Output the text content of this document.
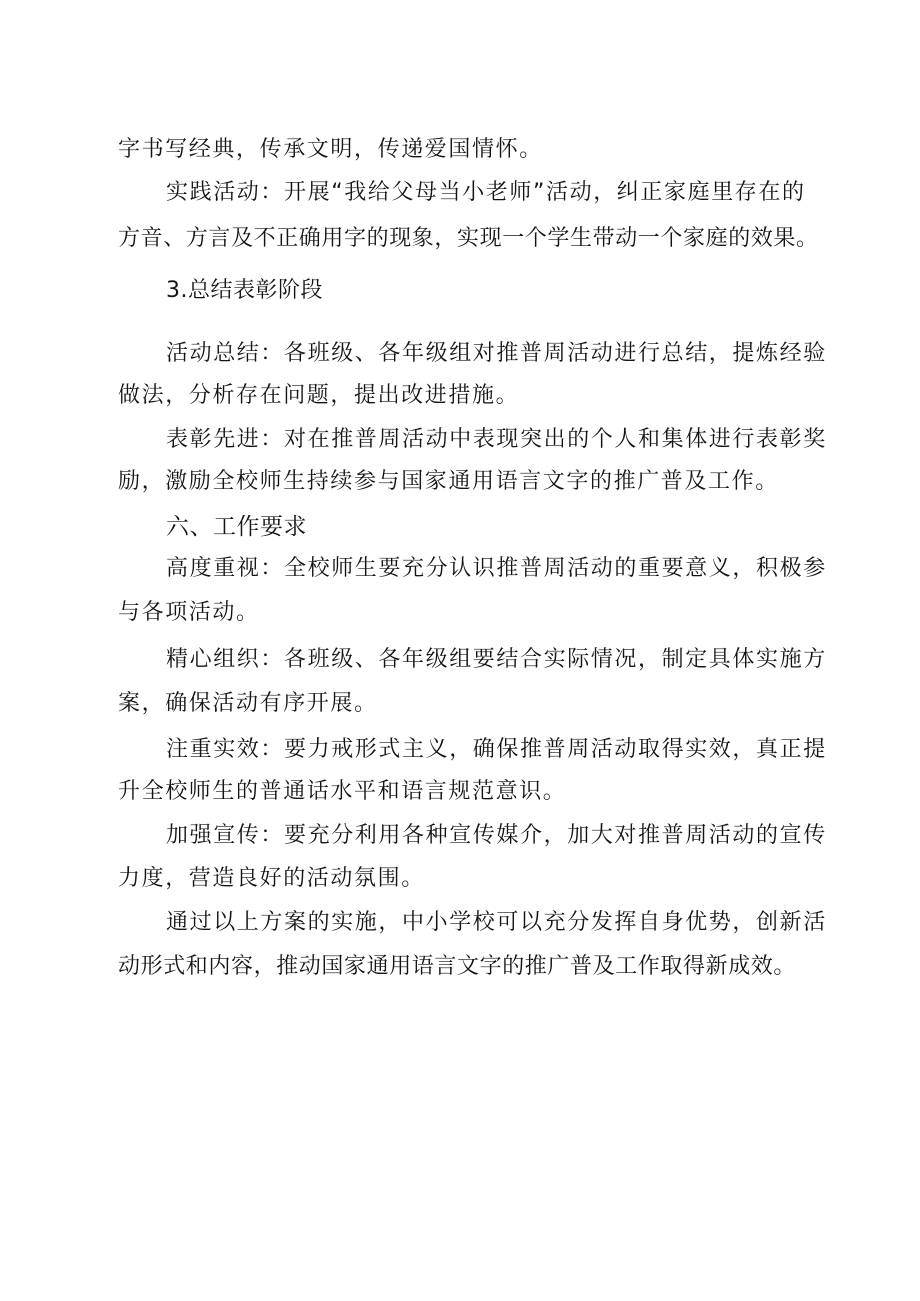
字书写经典，传承文明，传递爱国情怀。

实践活动：开展“我给父母当小老师”活动，纠正家庭里存在的

方音、方言及不正确用字的现象，实现一个学生带动一个家庭的效果。

3.总结表彰阶段

活动总结：各班级、各年级组对推普周活动进行总结，提炼经验

做法，分析存在问题，提出改进措施。

表彰先进：对在推普周活动中表现突出的个人和集体进行表彰奖

励，激励全校师生持续参与国家通用语言文字的推广普及工作。

六、工作要求

高度重视：全校师生要充分认识推普周活动的重要意义，积极参

与各项活动。

精心组织：各班级、各年级组要结合实际情况，制定具体实施方

案，确保活动有序开展。

注重实效：要力戒形式主义，确保推普周活动取得实效，真正提

升全校师生的普通话水平和语言规范意识。

加强宣传：要充分利用各种宣传媒介，加大对推普周活动的宣传

力度，营造良好的活动氛围。

通过以上方案的实施，中小学校可以充分发挥自身优势，创新活

动形式和内容，推动国家通用语言文字的推广普及工作取得新成效。
